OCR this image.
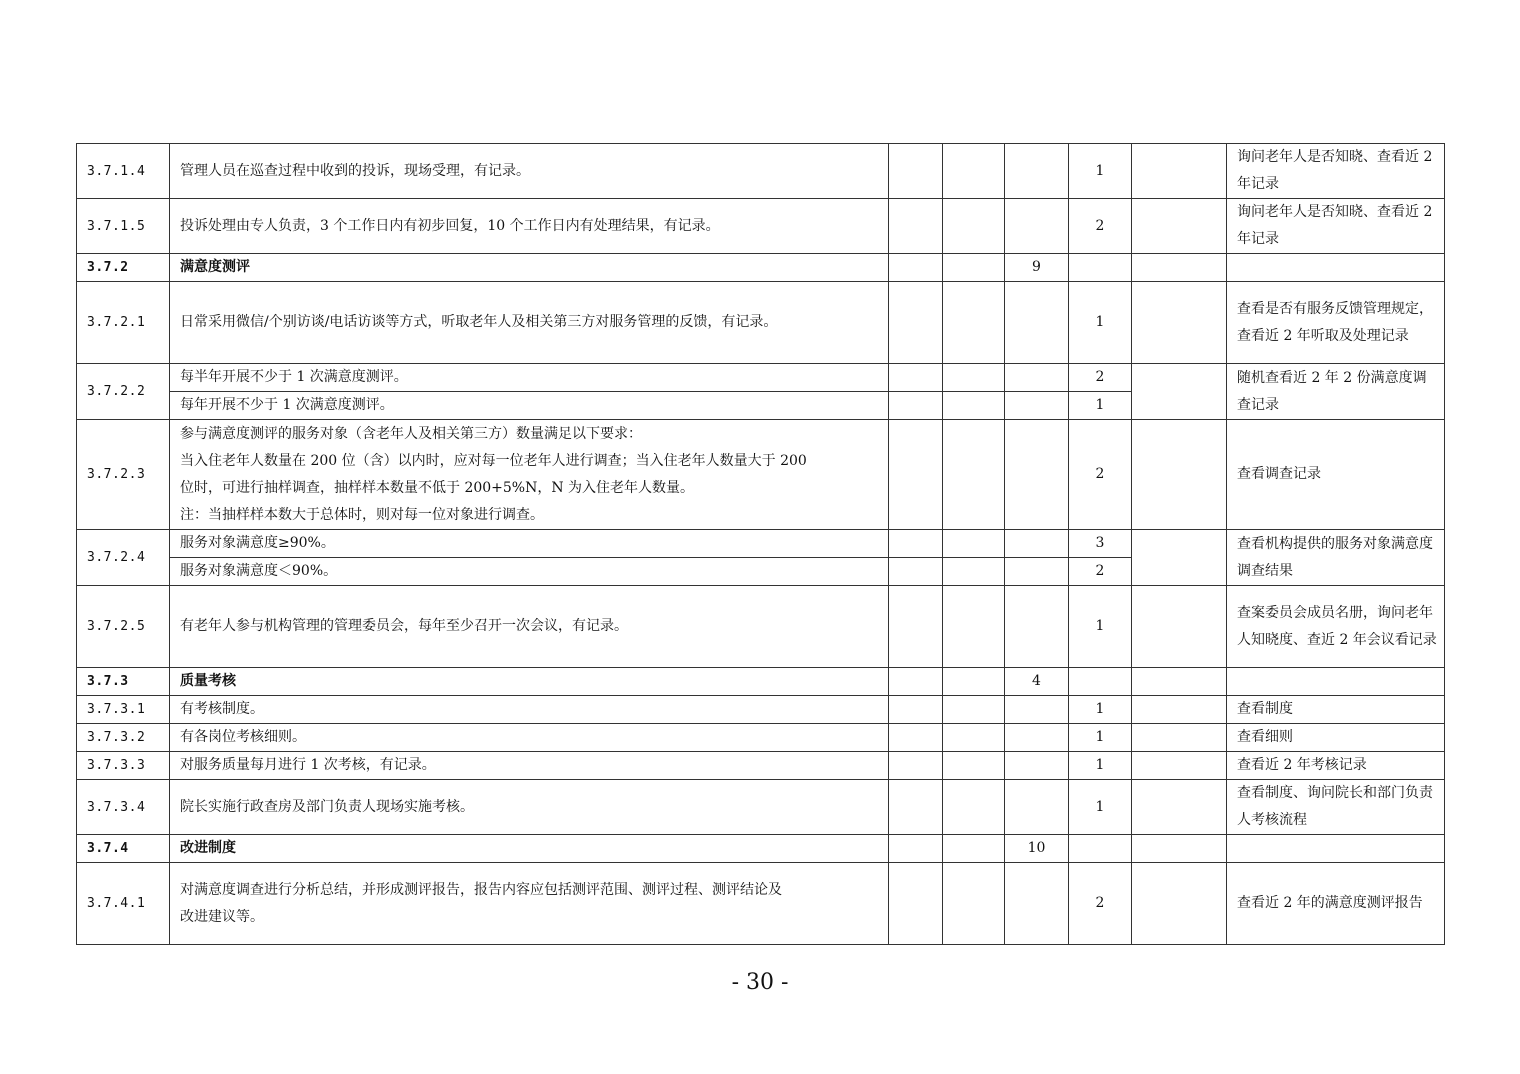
3.7.1.4	管理人员在巡查过程中收到的投诉，现场受理，有记录。				1		询问老年人是否知晓、查看近 2 年记录
3.7.1.5	投诉处理由专人负责，3 个工作日内有初步回复，10 个工作日内有处理结果，有记录。				2		询问老年人是否知晓、查看近 2 年记录
3.7.2	满意度测评			9			
3.7.2.1	日常采用微信/个别访谈/电话访谈等方式，听取老年人及相关第三方对服务管理的反馈，有记录。				1		查看是否有服务反馈管理规定，查看近 2 年听取及处理记录
3.7.2.2	每半年开展不少于 1 次满意度测评。				2		随机查看近 2 年 2 份满意度调查记录
	每年开展不少于 1 次满意度测评。				1		
3.7.2.3	参与满意度测评的服务对象（含老年人及相关第三方）数量满足以下要求：
当入住老年人数量在 200 位（含）以内时，应对每一位老年人进行调查；当入住老年人数量大于 200
位时，可进行抽样调查，抽样样本数量不低于 200+5%N，N 为入住老年人数量。
注：当抽样样本数大于总体时，则对每一位对象进行调查。				2		查看调查记录
3.7.2.4	服务对象满意度≥90%。				3		查看机构提供的服务对象满意度调查结果
	服务对象满意度＜90%。				2		
3.7.2.5	有老年人参与机构管理的管理委员会，每年至少召开一次会议，有记录。				1		查案委员会成员名册，询问老年人知晓度、查近 2 年会议看记录
3.7.3	质量考核			4			
3.7.3.1	有考核制度。				1		查看制度
3.7.3.2	有各岗位考核细则。				1		查看细则
3.7.3.3	对服务质量每月进行 1 次考核，有记录。				1		查看近 2 年考核记录
3.7.3.4	院长实施行政查房及部门负责人现场实施考核。				1		查看制度、询问院长和部门负责人考核流程
3.7.4	改进制度			10			
3.7.4.1	对满意度调查进行分析总结，并形成测评报告，报告内容应包括测评范围、测评过程、测评结论及
改进建议等。				2		查看近 2 年的满意度测评报告
- 30 -
